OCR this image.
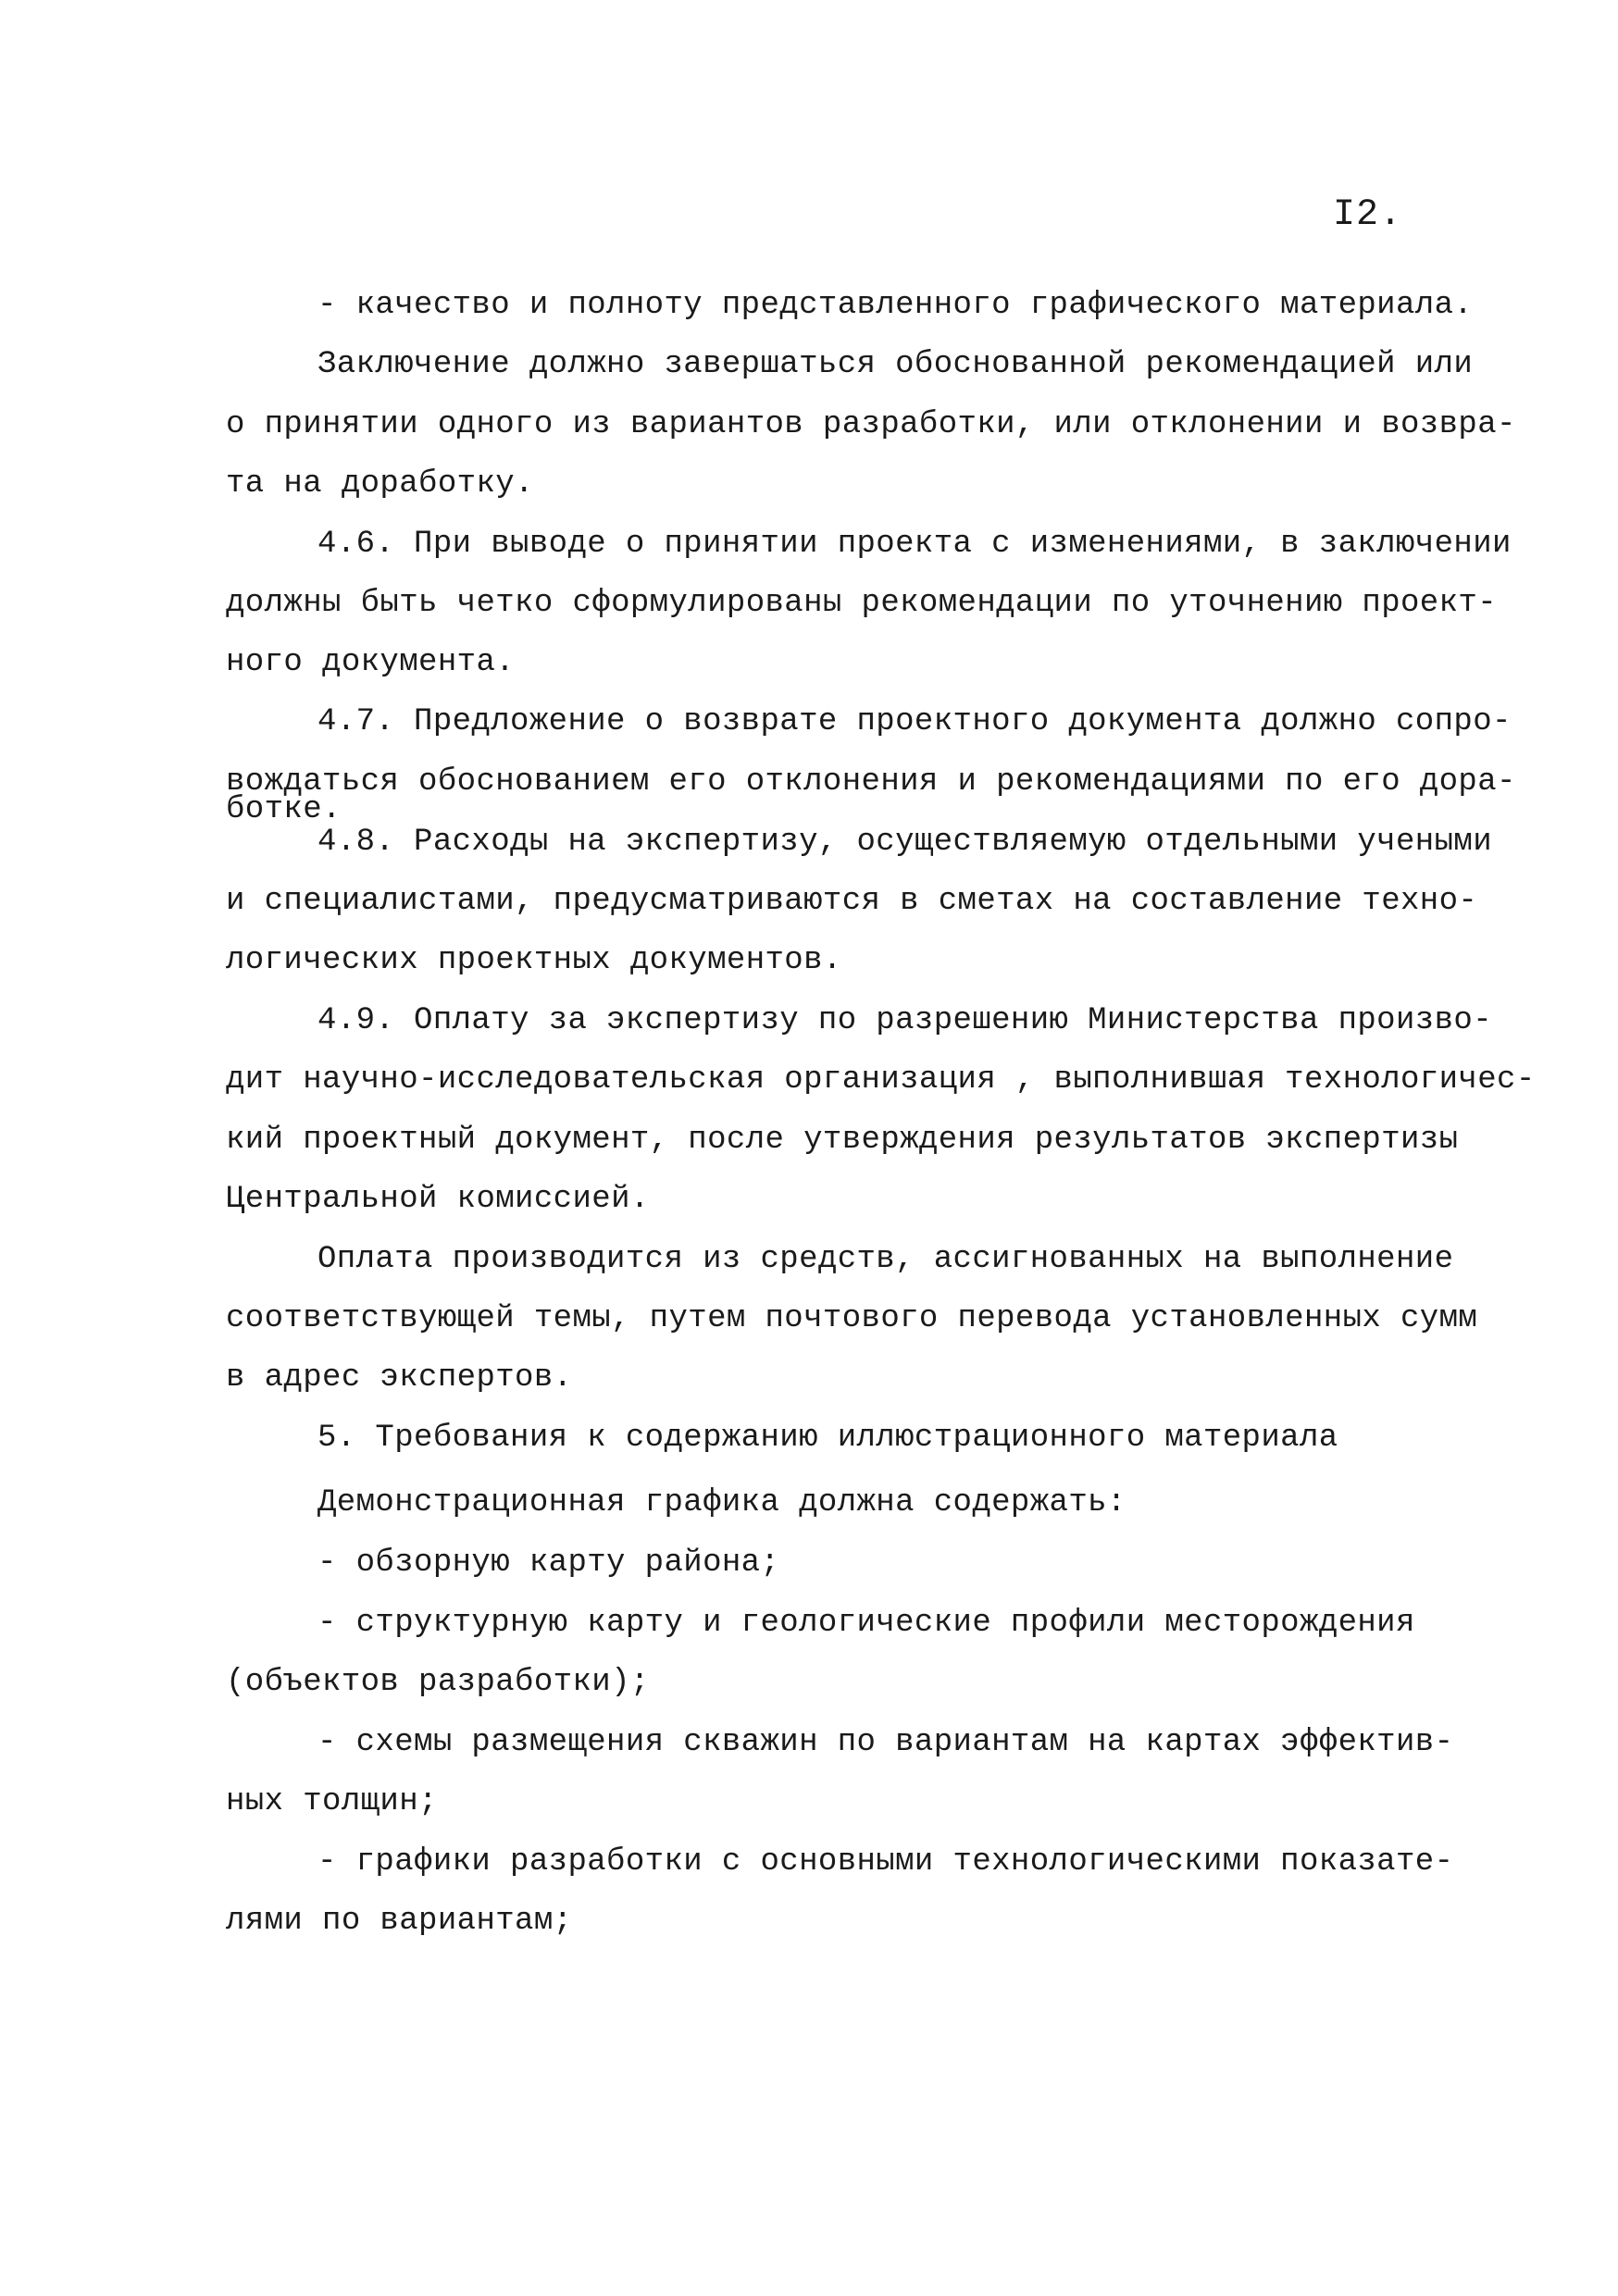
I2.
- качество и полноту представленного графического материала.
Заключение должно завершаться обоснованной рекомендацией или
о принятии одного из вариантов разработки, или отклонении и возвра-
та на доработку.
4.6. При выводе о принятии проекта с изменениями, в заключении
должны быть четко сформулированы рекомендации по уточнению проект-
ного документа.
4.7. Предложение о возврате проектного документа должно сопро-
вождаться обоснованием его отклонения и рекомендациями по его дора-
ботке.
4.8. Расходы на экспертизу, осуществляемую отдельными учеными
и специалистами, предусматриваются в сметах на составление техно-
логических проектных документов.
4.9. Оплату за экспертизу по разрешению Министерства произво-
дит научно-исследовательская организация , выполнившая технологичес-
кий проектный документ, после утверждения результатов экспертизы
Центральной комиссией.
Оплата производится из средств, ассигнованных на выполнение
соответствующей темы, путем почтового перевода установленных сумм
в адрес экспертов.
5. Требования к содержанию иллюстрационного материала
Демонстрационная графика должна содержать:
- обзорную карту района;
- структурную карту и геологические профили месторождения
(объектов разработки);
- схемы размещения скважин по вариантам на картах эффектив-
ных толщин;
- графики разработки с основными технологическими показате-
лями по вариантам;
